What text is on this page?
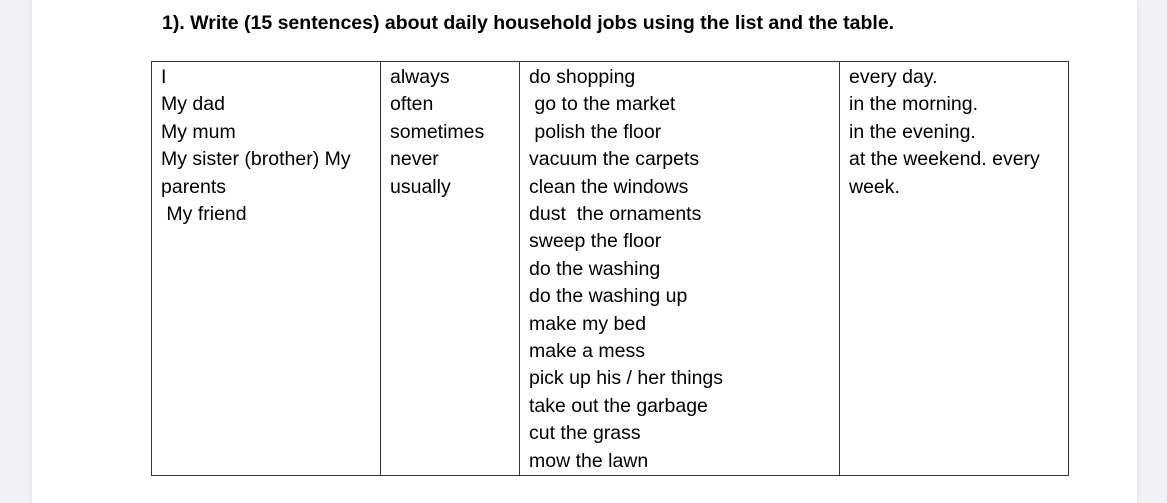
1). Write (15 sentences) about daily household jobs using the list and the table.
I
My dad
My mum
My sister (brother) My
parents
My friend

always
often
sometimes
never
usually

do shopping
go to the market
polish the floor
vacuum the carpets
clean the windows
dust  the ornaments
sweep the floor
do the washing
do the washing up
make my bed
make a mess
pick up his / her things
take out the garbage
cut the grass
mow the lawn

every day.
in the morning.
in the evening.
at the weekend. every
week.
